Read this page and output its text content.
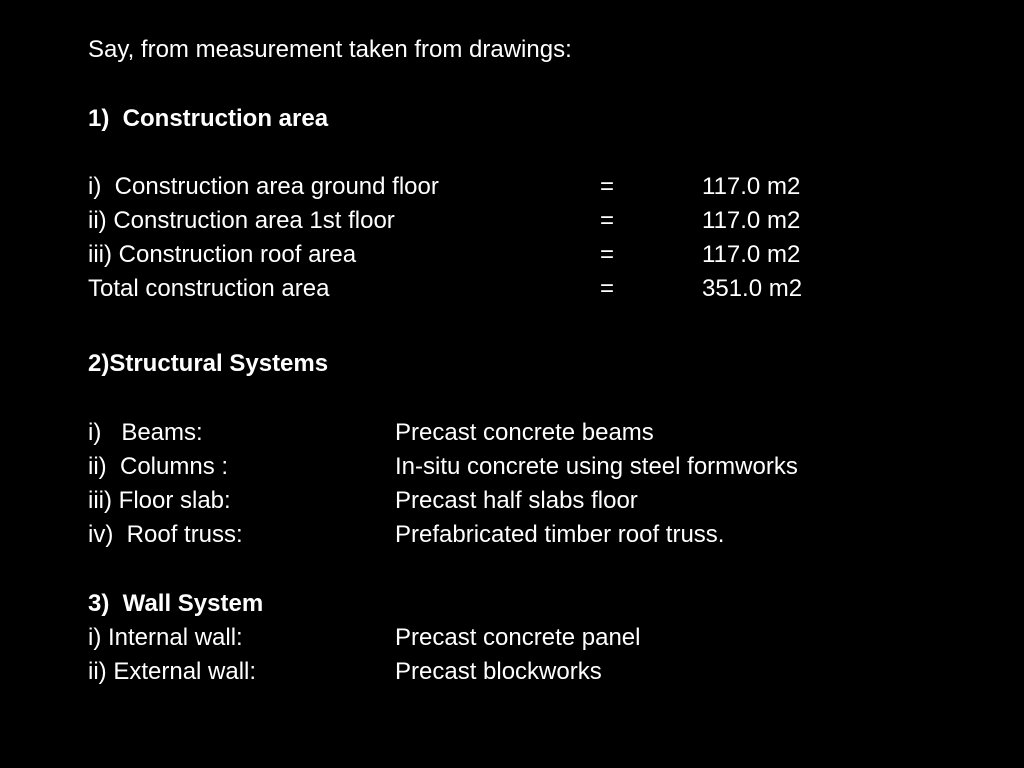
Say, from measurement taken from drawings:
1)  Construction area
i)  Construction area ground floor	=	117.0 m2
ii) Construction area 1st floor	=	117.0 m2
iii) Construction roof area	=	117.0 m2
Total construction area	=	351.0 m2
2)Structural Systems
i)   Beams:	Precast concrete beams
ii)  Columns :	In-situ concrete using steel formworks
iii) Floor slab:	Precast half slabs floor
iv)  Roof truss:	Prefabricated timber roof truss.
3)  Wall System
i) Internal wall:	Precast concrete panel
ii) External wall:	Precast blockworks
